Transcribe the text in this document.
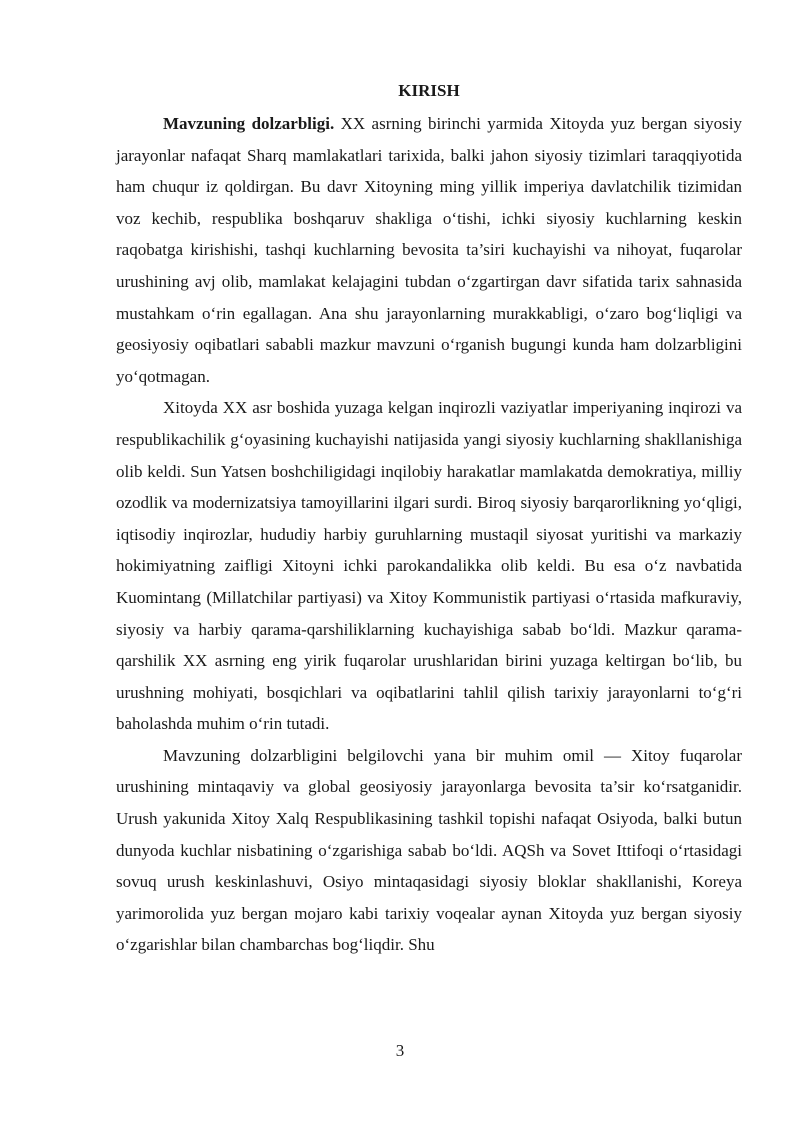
KIRISH

Mavzuning dolzarbligi. XX asrning birinchi yarmida Xitoyda yuz bergan siyosiy jarayonlar nafaqat Sharq mamlakatlari tarixida, balki jahon siyosiy tizimlari taraqqiyotida ham chuqur iz qoldirgan. Bu davr Xitoyning ming yillik imperiya davlatchilik tizimidan voz kechib, respublika boshqaruv shakliga o‘tishi, ichki siyosiy kuchlarning keskin raqobatga kirishishi, tashqi kuchlarning bevosita ta’siri kuchayishi va nihoyat, fuqarolar urushining avj olib, mamlakat kelajagini tubdan o‘zgartirgan davr sifatida tarix sahnasida mustahkam o‘rin egallagan. Ana shu jarayonlarning murakkabligi, o‘zaro bog‘liqligi va geosiyosiy oqibatlari sababli mazkur mavzuni o‘rganish bugungi kunda ham dolzarbligini yo‘qotmagan.

Xitoyda XX asr boshida yuzaga kelgan inqirozli vaziyatlar imperiyaning inqirozi va respublikachilik g‘oyasining kuchayishi natijasida yangi siyosiy kuchlarning shakllanishiga olib keldi. Sun Yatsen boshchiligidagi inqilobiy harakatlar mamlakatda demokratiya, milliy ozodlik va modernizatsiya tamoyillarini ilgari surdi. Biroq siyosiy barqarorlikning yo‘qligi, iqtisodiy inqirozlar, hududiy harbiy guruhlarning mustaqil siyosat yuritishi va markaziy hokimiyatning zaifligi Xitoyni ichki parokandalikka olib keldi. Bu esa o‘z navbatida Kuomintang (Millatchilar partiyasi) va Xitoy Kommunistik partiyasi o‘rtasida mafkuraviy, siyosiy va harbiy qarama-qarshiliklarning kuchayishiga sabab bo‘ldi. Mazkur qarama-qarshilik XX asrning eng yirik fuqarolar urushlaridan birini yuzaga keltirgan bo‘lib, bu urushning mohiyati, bosqichlari va oqibatlarini tahlil qilish tarixiy jarayonlarni to‘g‘ri baholashda muhim o‘rin tutadi.

Mavzuning dolzarbligini belgilovchi yana bir muhim omil — Xitoy fuqarolar urushining mintaqaviy va global geosiyosiy jarayonlarga bevosita ta’sir ko‘rsatganidir. Urush yakunida Xitoy Xalq Respublikasining tashkil topishi nafaqat Osiyoda, balki butun dunyoda kuchlar nisbatining o‘zgarishiga sabab bo‘ldi. AQSh va Sovet Ittifoqi o‘rtasidagi sovuq urush keskinlashuvi, Osiyo mintaqasidagi siyosiy bloklar shakllanishi, Koreya yarimorolida yuz bergan mojaro kabi tarixiy voqealar aynan Xitoyda yuz bergan siyosiy o‘zgarishlar bilan chambarchas bog‘liqdir. Shu

3
